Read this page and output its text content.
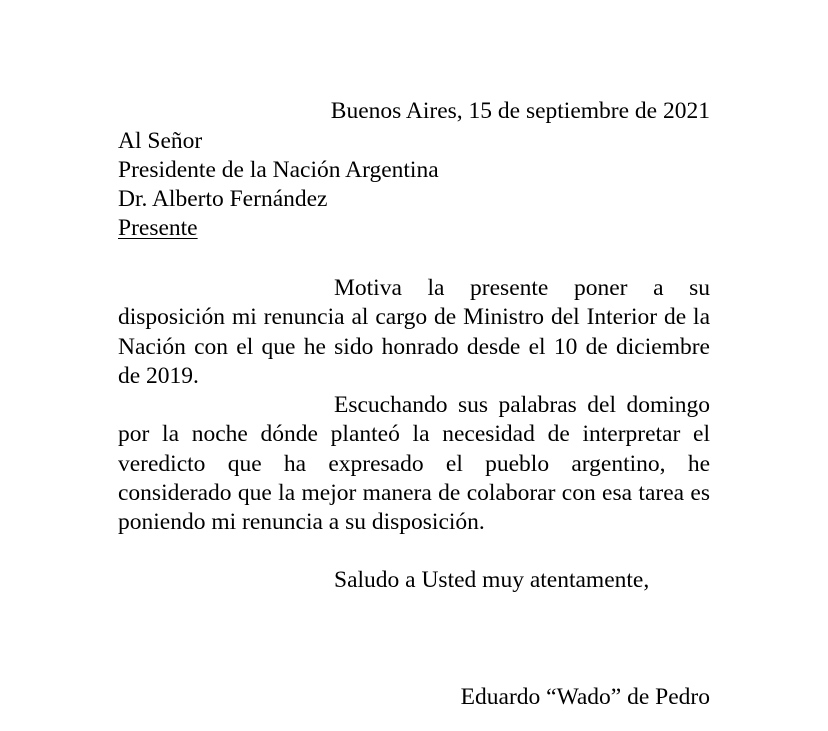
Buenos Aires, 15 de septiembre de 2021
Al Señor
Presidente de la Nación Argentina
Dr. Alberto Fernández
Presente

Motiva la presente poner a su disposición mi renuncia al cargo de Ministro del Interior de la Nación con el que he sido honrado desde el 10 de diciembre de 2019.

Escuchando sus palabras del domingo por la noche dónde planteó la necesidad de interpretar el veredicto que ha expresado el pueblo argentino, he considerado que la mejor manera de colaborar con esa tarea es poniendo mi renuncia a su disposición.

Saludo a Usted muy atentamente,
Eduardo “Wado” de Pedro
